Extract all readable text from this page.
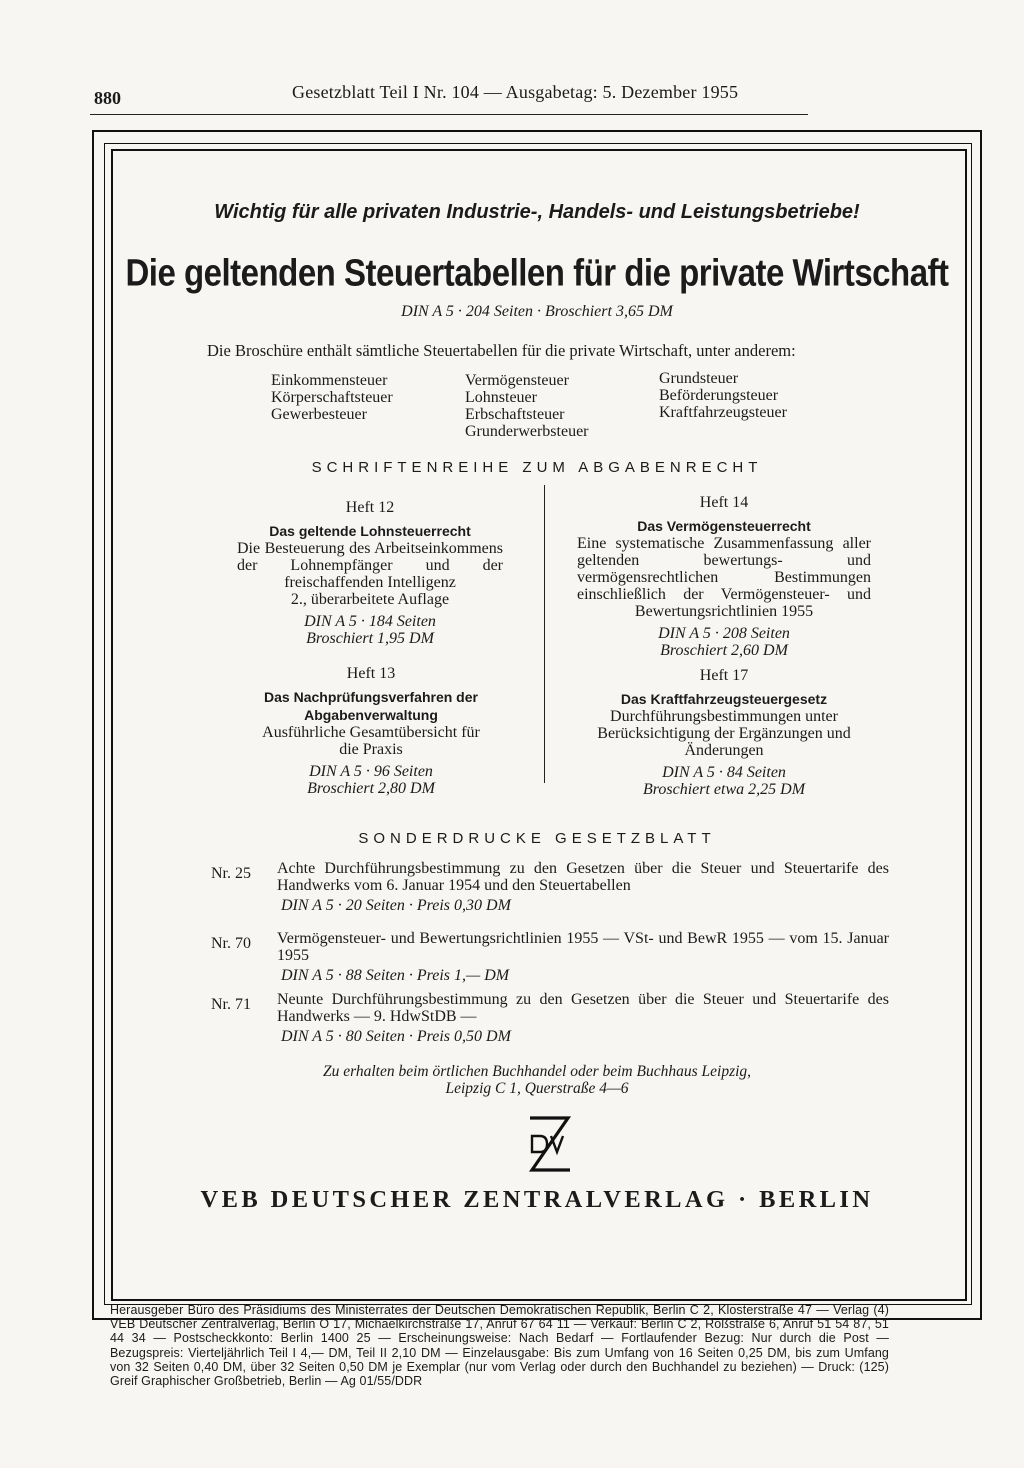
880	Gesetzblatt Teil I Nr. 104 — Ausgabetag: 5. Dezember 1955
Wichtig für alle privaten Industrie-, Handels- und Leistungsbetriebe!
Die geltenden Steuertabellen für die private Wirtschaft
DIN A 5 · 204 Seiten · Broschiert 3,65 DM
Die Broschüre enthält sämtliche Steuertabellen für die private Wirtschaft, unter anderem:
Einkommensteuer
Körperschaftsteuer
Gewerbesteuer
Vermögensteuer
Lohnsteuer
Erbschaftsteuer
Grunderwerbsteuer
Grundsteuer
Beförderungsteuer
Kraftfahrzeugsteuer
SCHRIFTENREIHE ZUM ABGABENRECHT
Heft 12
Das geltende Lohnsteuerrecht
Die Besteuerung des Arbeitseinkommens der Lohnempfänger und der freischaffenden Intelligenz
2., überarbeitete Auflage
DIN A 5 · 184 Seiten
Broschiert 1,95 DM
Heft 13
Das Nachprüfungsverfahren der Abgabenverwaltung
Ausführliche Gesamtübersicht für die Praxis
DIN A 5 · 96 Seiten
Broschiert 2,80 DM
Heft 14
Das Vermögensteuerrecht
Eine systematische Zusammenfassung aller geltenden bewertungs- und vermögensrechtlichen Bestimmungen einschließlich der Vermögensteuer- und Bewertungsrichtlinien 1955
DIN A 5 · 208 Seiten
Broschiert 2,60 DM
Heft 17
Das Kraftfahrzeugsteuergesetz
Durchführungsbestimmungen unter Berücksichtigung der Ergänzungen und Änderungen
DIN A 5 · 84 Seiten
Broschiert etwa 2,25 DM
SONDERDRUCKE GESETZBLATT
Nr. 25	Achte Durchführungsbestimmung zu den Gesetzen über die Steuer und Steuertarife des Handwerks vom 6. Januar 1954 und den Steuertabellen
DIN A 5 · 20 Seiten · Preis 0,30 DM
Nr. 70	Vermögensteuer- und Bewertungsrichtlinien 1955 — VSt- und BewR 1955 — vom 15. Januar 1955
DIN A 5 · 88 Seiten · Preis 1,— DM
Nr. 71	Neunte Durchführungsbestimmung zu den Gesetzen über die Steuer und Steuertarife des Handwerks — 9. HdwStDB —
DIN A 5 · 80 Seiten · Preis 0,50 DM
Zu erhalten beim örtlichen Buchhandel oder beim Buchhaus Leipzig,
Leipzig C 1, Querstraße 4—6
VEB DEUTSCHER ZENTRALVERLAG · BERLIN
Herausgeber Büro des Präsidiums des Ministerrates der Deutschen Demokratischen Republik, Berlin C 2, Klosterstraße 47 — Verlag (4) VEB Deutscher Zentralverlag, Berlin O 17, Michaelkirchstraße 17, Anruf 67 64 11 — Verkauf: Berlin C 2, Roßstraße 6, Anruf 51 54 87, 51 44 34 — Postscheckkonto: Berlin 1400 25 — Erscheinungsweise: Nach Bedarf — Fortlaufender Bezug: Nur durch die Post — Bezugspreis: Vierteljährlich Teil I 4,— DM, Teil II 2,10 DM — Einzelausgabe: Bis zum Umfang von 16 Seiten 0,25 DM, bis zum Umfang von 32 Seiten 0,40 DM, über 32 Seiten 0,50 DM je Exemplar (nur vom Verlag oder durch den Buchhandel zu beziehen) — Druck: (125) Greif Graphischer Großbetrieb, Berlin — Ag 01/55/DDR
